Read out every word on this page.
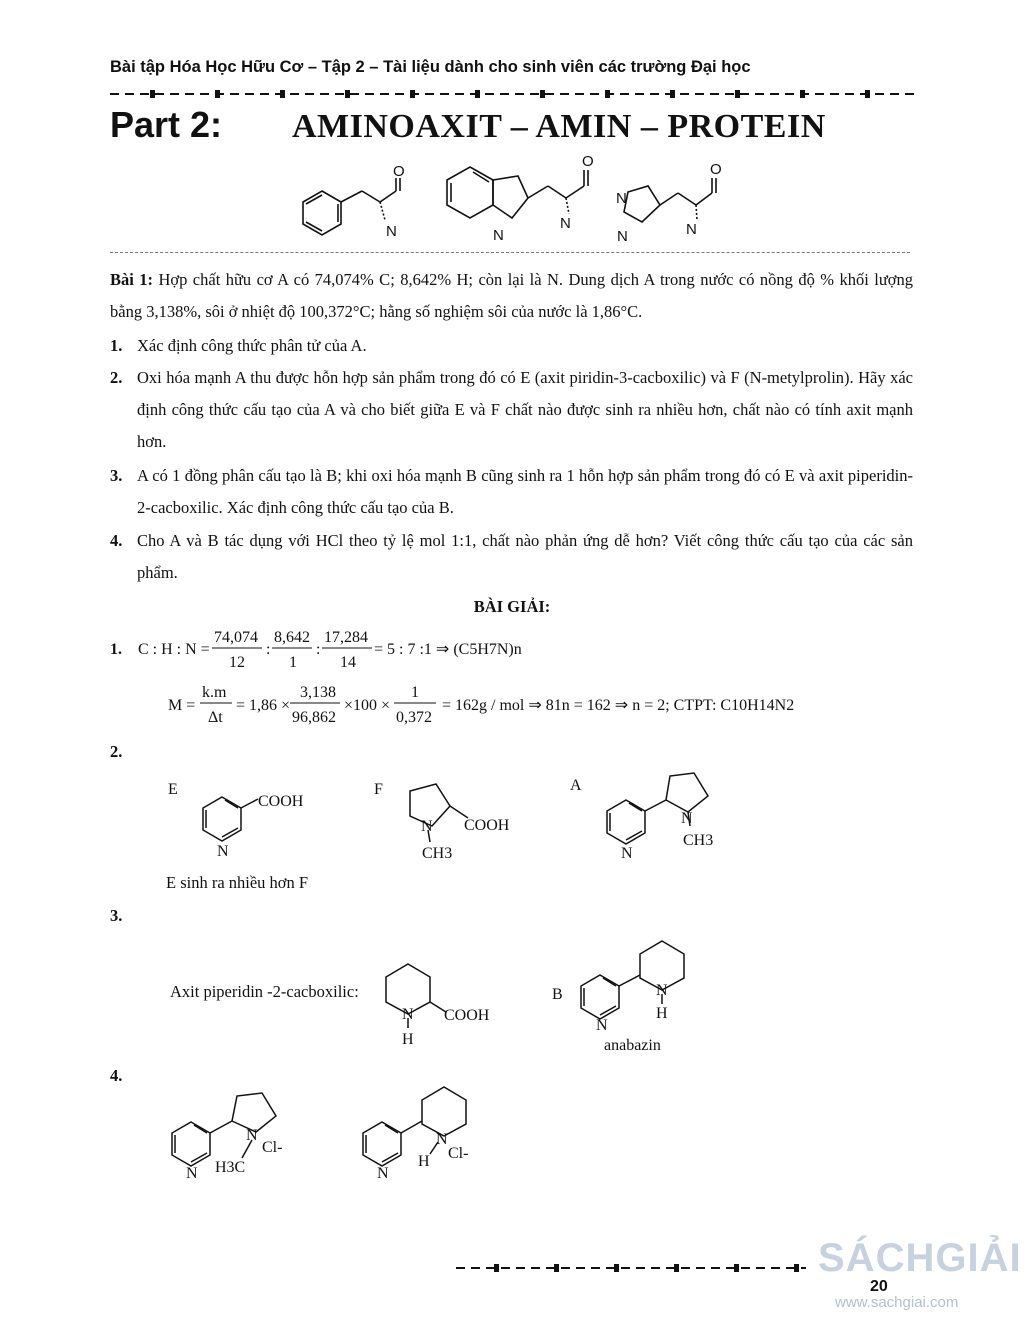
Bài tập Hóa Học Hữu Cơ – Tập 2 – Tài liệu dành cho sinh viên các trường Đại học
Part 2: AMINOAXIT – AMIN – PROTEIN
O
N
O
N
N
O
N
N
N
Bài 1: Hợp chất hữu cơ A có 74,074% C; 8,642% H; còn lại là N. Dung dịch A trong nước có nồng độ % khối lượng bằng 3,138%, sôi ở nhiệt độ 100,372°C; hằng số nghiệm sôi của nước là 1,86°C.
1. Xác định công thức phân tử của A.
2. Oxi hóa mạnh A thu được hỗn hợp sản phẩm trong đó có E (axit piridin-3-cacboxilic) và F (N-metylprolin). Hãy xác định công thức cấu tạo của A và cho biết giữa E và F chất nào được sinh ra nhiều hơn, chất nào có tính axit mạnh hơn.
3. A có 1 đồng phân cấu tạo là B; khi oxi hóa mạnh B cũng sinh ra 1 hỗn hợp sản phẩm trong đó có E và axit piperidin-2-cacboxilic. Xác định công thức cấu tạo của B.
4. Cho A và B tác dụng với HCl theo tỷ lệ mol 1:1, chất nào phản ứng dễ hơn? Viết công thức cấu tạo của các sản phẩm.
BÀI GIẢI:
1. C : H : N =
74,074
12
:
8,642
1
:
17,284
14
= 5 : 7 :1 ⇒ (C5H7N)n
M =
k.m
Δt
= 1,86 ×
3,138
96,862
×100 ×
1
0,372
= 162g / mol ⇒ 81n = 162 ⇒ n = 2; CTPT: C10H14N2
2.
E
COOH
N
F
N COOH
CH3
A
N
CH3
N
E sinh ra nhiều hơn F
3.
Axit piperidin -2-cacboxilic:
N COOH
H
B	N
H
N
anabazin
4.
N
Cl-
H3C
N
N
Cl-
H
N
SÁCHGIẢI
20
www.sachgiai.com
